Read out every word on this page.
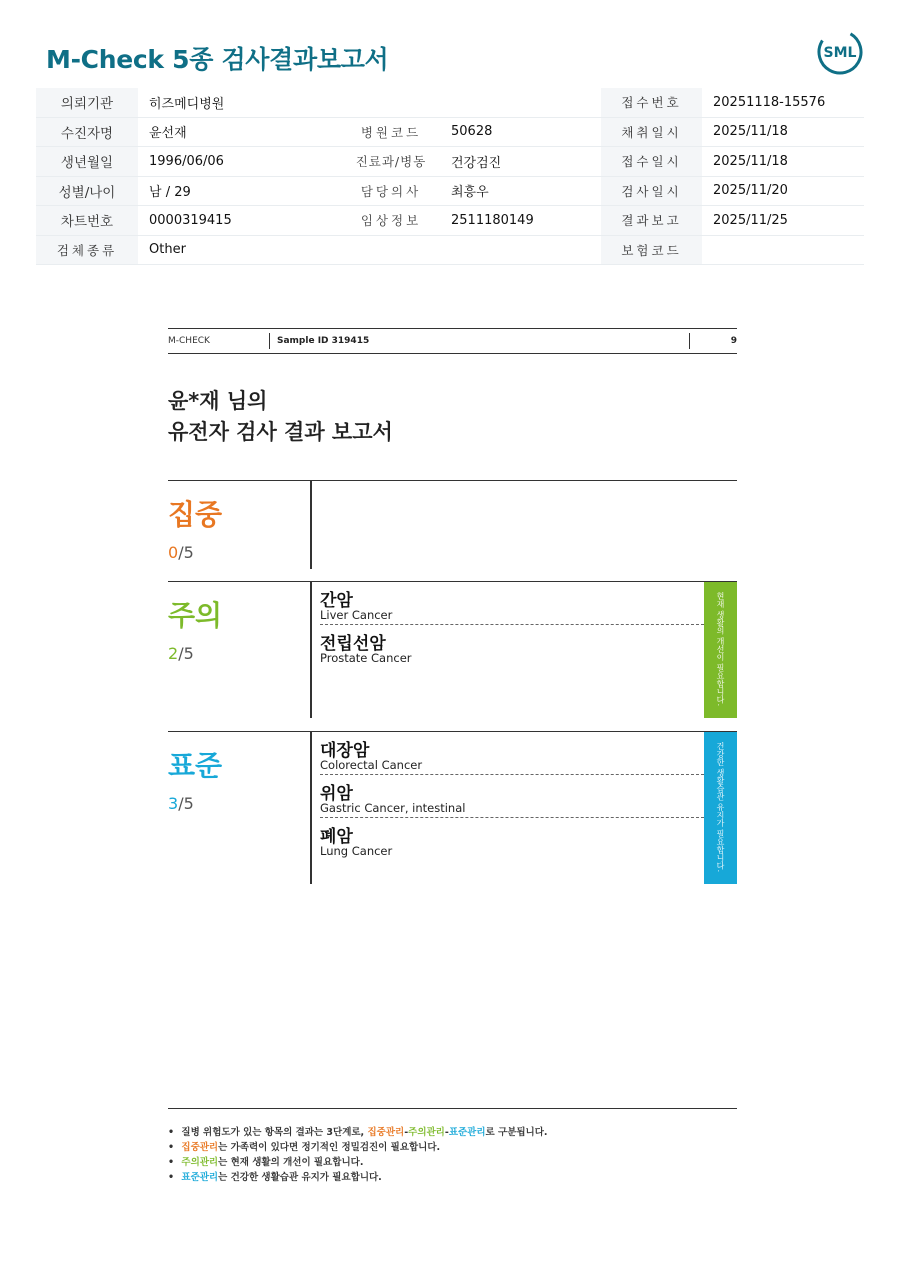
M-Check 5종 검사결과보고서	SML
의뢰기관	히즈메디병원			접수번호	20251118-15576
수진자명	윤선재	병원코드	50628	채취일시	2025/11/18
생년월일	1996/06/06	진료과/병동	건강검진	접수일시	2025/11/18
성별/나이	남 / 29	담당의사	최흥우	검사일시	2025/11/20
차트번호	0000319415	임상정보	2511180149	결과보고	2025/11/25
검체종류	Other			보험코드	
M-CHECK	Sample ID 319415	9
윤*재 님의
유전자 검사 결과 보고서
집중
0/5
주의
2/5
간암
Liver Cancer
전립선암
Prostate Cancer	현재 생활의 개선이 필요합니다.
표준
3/5
대장암
Colorectal Cancer
위암
Gastric Cancer, intestinal
폐암
Lung Cancer	건강한 생활습관 유지가 필요합니다.
• 질병 위험도가 있는 항목의 결과는 3단계로, 집중관리-주의관리-표준관리로 구분됩니다.
• 집중관리는 가족력이 있다면 정기적인 정밀검진이 필요합니다.
• 주의관리는 현재 생활의 개선이 필요합니다.
• 표준관리는 건강한 생활습관 유지가 필요합니다.
